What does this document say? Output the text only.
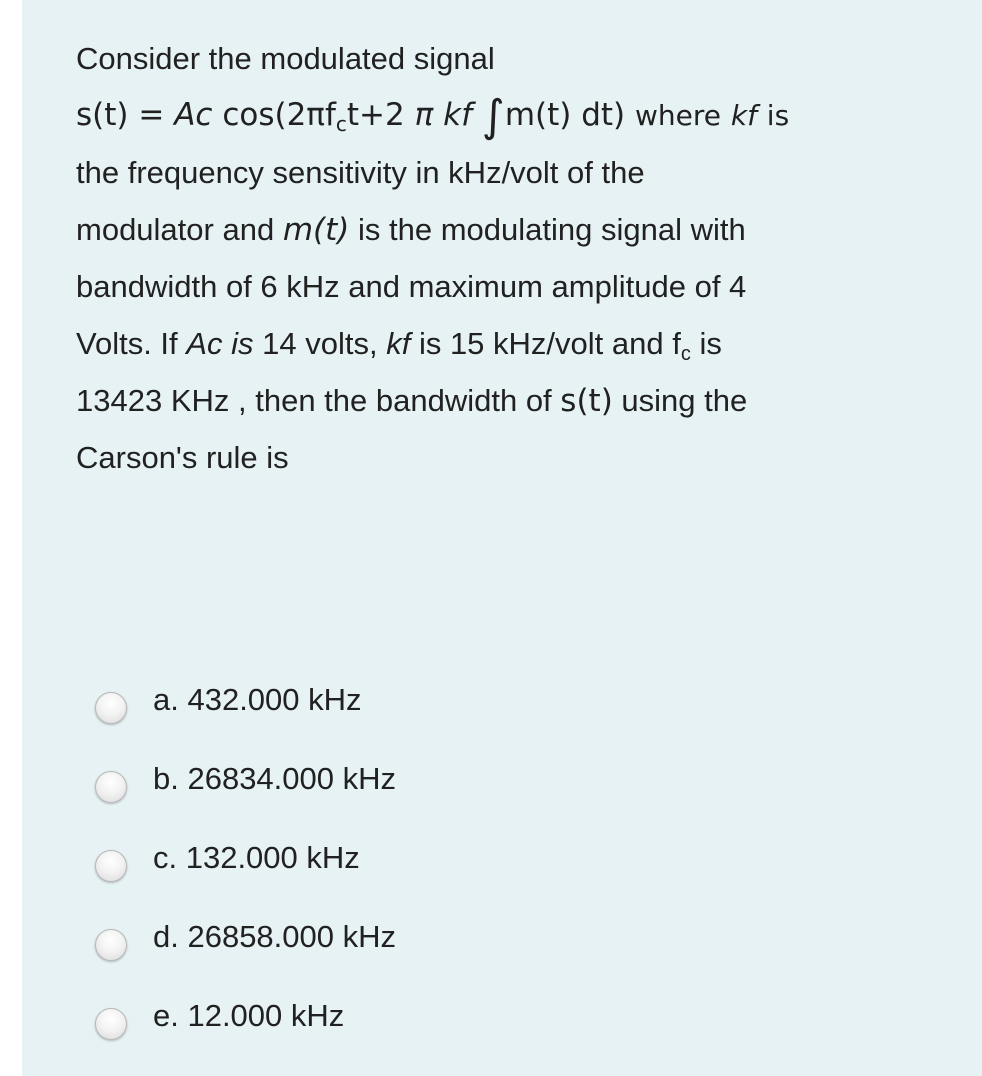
Consider the modulated signal
s(t) = Ac $\cos(2\pi f_ct+2$ π kf ∫m(t) dt) where kf is
the frequency sensitivity in kHz/volt of the
modulator and m(t) is the modulating signal with
bandwidth of 6 kHz and maximum amplitude of 4
Volts. If Ac is 14 volts, kf is 15 kHz/volt and $f_c$ is
13423 KHz , then the bandwidth of s(t) using the
Carson's rule is
a. 432.000 kHz
b. 26834.000 kHz
c. 132.000 kHz
d. 26858.000 kHz
e. 12.000 kHz
